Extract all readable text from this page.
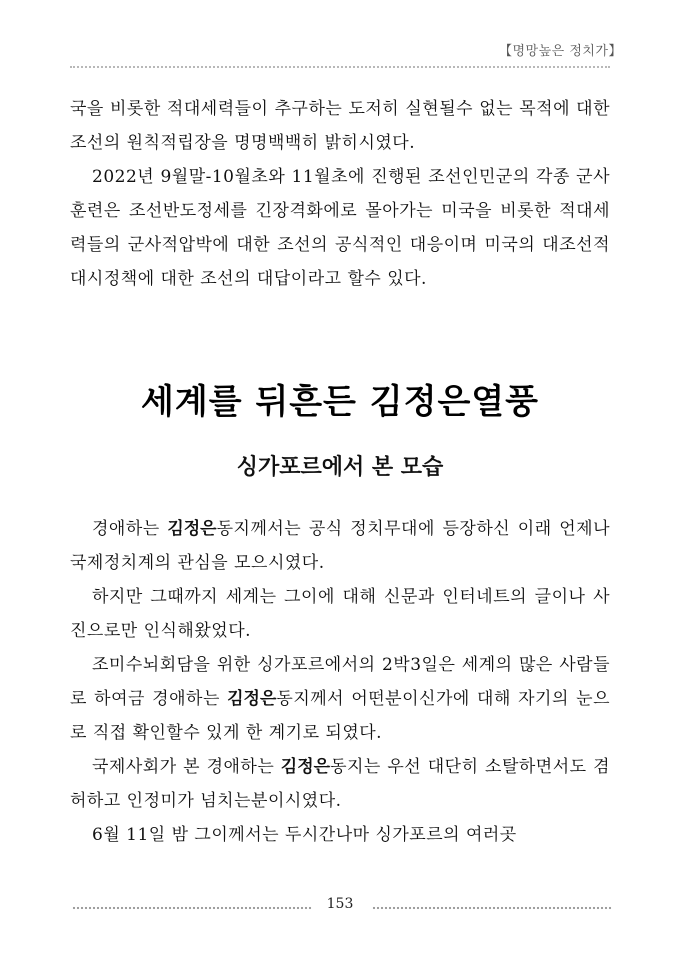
【명망높은 정치가】

국을 비롯한 적대세력들이 추구하는 도저히 실현될수 없는 목적에 대한 조선의 원칙적립장을 명명백백히 밝히시였다.

2022년 9월말-10월초와 11월초에 진행된 조선인민군의 각종 군사훈련은 조선반도정세를 긴장격화에로 몰아가는 미국을 비롯한 적대세력들의 군사적압박에 대한 조선의 공식적인 대응이며 미국의 대조선적대시정책에 대한 조선의 대답이라고 할수 있다.

세계를 뒤흔든 김정은열풍
싱가포르에서 본 모습

경애하는 김정은동지께서는 공식 정치무대에 등장하신 이래 언제나 국제정치계의 관심을 모으시였다.

하지만 그때까지 세계는 그이에 대해 신문과 인터네트의 글이나 사진으로만 인식해왔었다.

조미수뇌회담을 위한 싱가포르에서의 2박3일은 세계의 많은 사람들로 하여금 경애하는 김정은동지께서 어떤분이신가에 대해 자기의 눈으로 직접 확인할수 있게 한 계기로 되였다.

국제사회가 본 경애하는 김정은동지는 우선 대단히 소탈하면서도 겸허하고 인정미가 넘치는분이시였다.

6월 11일 밤 그이께서는 두시간나마 싱가포르의 여러곳

153
